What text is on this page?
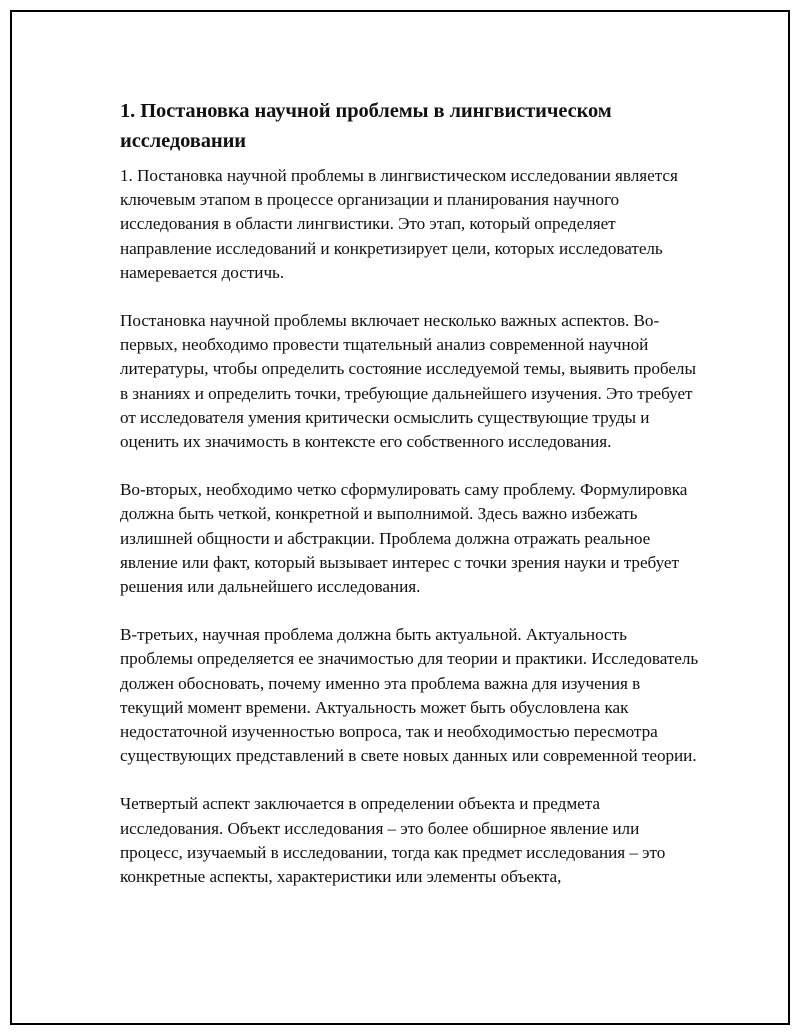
1. Постановка научной проблемы в лингвистическом исследовании

1. Постановка научной проблемы в лингвистическом исследовании является ключевым этапом в процессе организации и планирования научного исследования в области лингвистики. Это этап, который определяет направление исследований и конкретизирует цели, которых исследователь намеревается достичь.

Постановка научной проблемы включает несколько важных аспектов. Во-первых, необходимо провести тщательный анализ современной научной литературы, чтобы определить состояние исследуемой темы, выявить пробелы в знаниях и определить точки, требующие дальнейшего изучения. Это требует от исследователя умения критически осмыслить существующие труды и оценить их значимость в контексте его собственного исследования.

Во-вторых, необходимо четко сформулировать саму проблему. Формулировка должна быть четкой, конкретной и выполнимой. Здесь важно избежать излишней общности и абстракции. Проблема должна отражать реальное явление или факт, который вызывает интерес с точки зрения науки и требует решения или дальнейшего исследования.

В-третьих, научная проблема должна быть актуальной. Актуальность проблемы определяется ее значимостью для теории и практики. Исследователь должен обосновать, почему именно эта проблема важна для изучения в текущий момент времени. Актуальность может быть обусловлена как недостаточной изученностью вопроса, так и необходимостью пересмотра существующих представлений в свете новых данных или современной теории.

Четвертый аспект заключается в определении объекта и предмета исследования. Объект исследования – это более обширное явление или процесс, изучаемый в исследовании, тогда как предмет исследования – это конкретные аспекты, характеристики или элементы объекта,
